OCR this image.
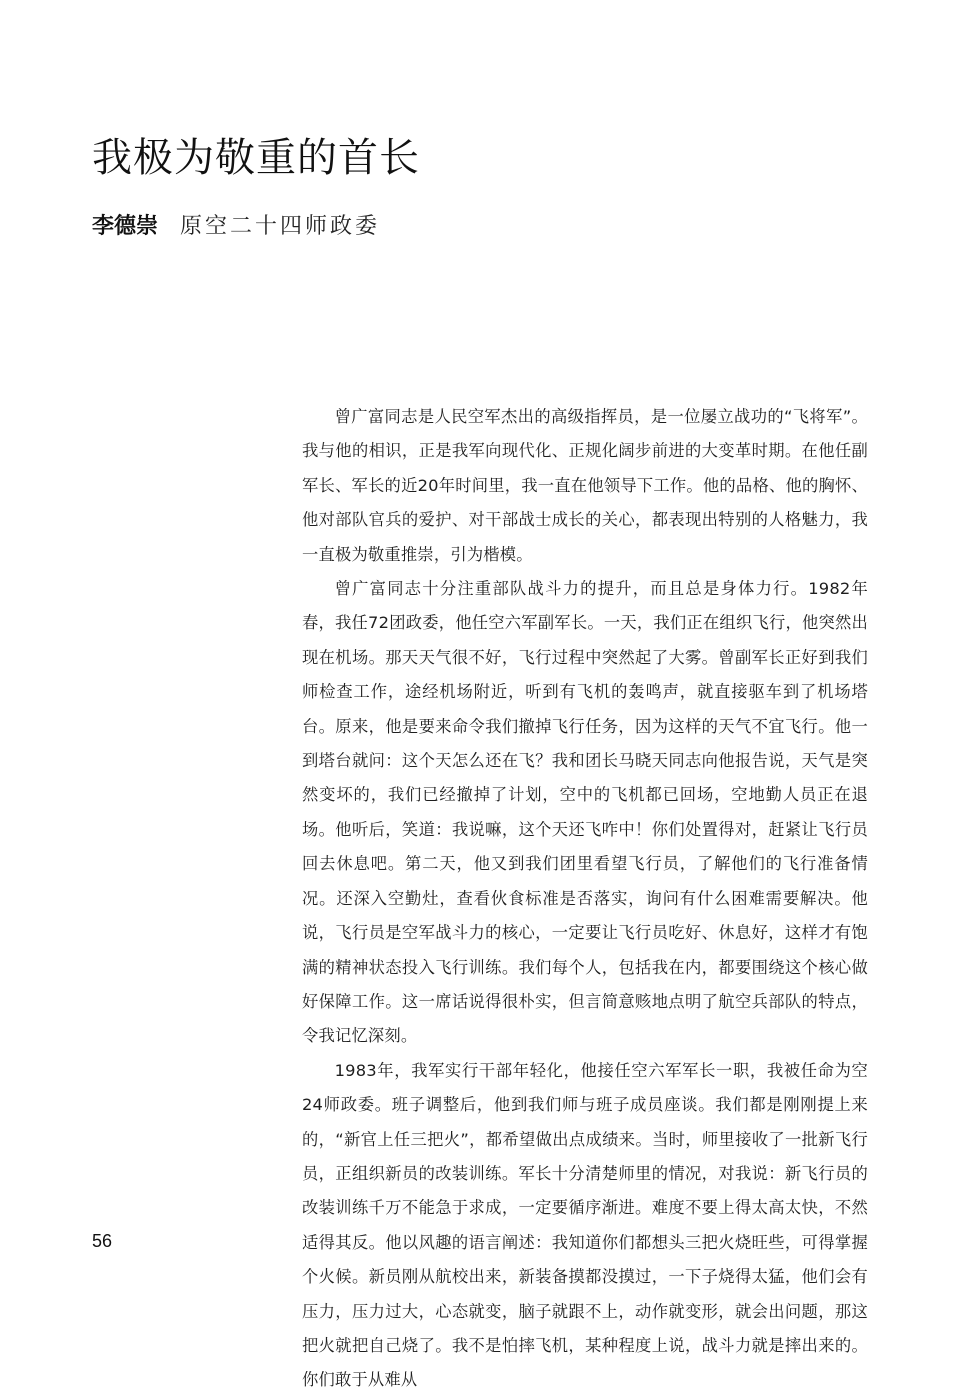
我极为敬重的首长
李德崇 原空二十四师政委

曾广富同志是人民空军杰出的高级指挥员，是一位屡立战功的“飞将军”。我与他的相识，正是我军向现代化、正规化阔步前进的大变革时期。在他任副军长、军长的近20年时间里，我一直在他领导下工作。他的品格、他的胸怀、他对部队官兵的爱护、对干部战士成长的关心，都表现出特别的人格魅力，我一直极为敬重推崇，引为楷模。

曾广富同志十分注重部队战斗力的提升，而且总是身体力行。1982年春，我任72团政委，他任空六军副军长。一天，我们正在组织飞行，他突然出现在机场。那天天气很不好，飞行过程中突然起了大雾。曾副军长正好到我们师检查工作，途经机场附近，听到有飞机的轰鸣声，就直接驱车到了机场塔台。原来，他是要来命令我们撤掉飞行任务，因为这样的天气不宜飞行。他一到塔台就问：这个天怎么还在飞？我和团长马晓天同志向他报告说，天气是突然变坏的，我们已经撤掉了计划，空中的飞机都已回场，空地勤人员正在退场。他听后，笑道：我说嘛，这个天还飞咋中！你们处置得对，赶紧让飞行员回去休息吧。第二天，他又到我们团里看望飞行员，了解他们的飞行准备情况。还深入空勤灶，查看伙食标准是否落实，询问有什么困难需要解决。他说，飞行员是空军战斗力的核心，一定要让飞行员吃好、休息好，这样才有饱满的精神状态投入飞行训练。我们每个人，包括我在内，都要围绕这个核心做好保障工作。这一席话说得很朴实，但言简意赅地点明了航空兵部队的特点，令我记忆深刻。

1983年，我军实行干部年轻化，他接任空六军军长一职，我被任命为空24师政委。班子调整后，他到我们师与班子成员座谈。我们都是刚刚提上来的，“新官上任三把火”，都希望做出点成绩来。当时，师里接收了一批新飞行员，正组织新员的改装训练。军长十分清楚师里的情况，对我说：新飞行员的改装训练千万不能急于求成，一定要循序渐进。难度不要上得太高太快，不然适得其反。他以风趣的语言阐述：我知道你们都想头三把火烧旺些，可得掌握个火候。新员刚从航校出来，新装备摸都没摸过，一下子烧得太猛，他们会有压力，压力过大，心态就变，脑子就跟不上，动作就变形，就会出问题，那这把火就把自己烧了。我不是怕摔飞机，某种程度上说，战斗力就是摔出来的。你们敢于从难从

56
